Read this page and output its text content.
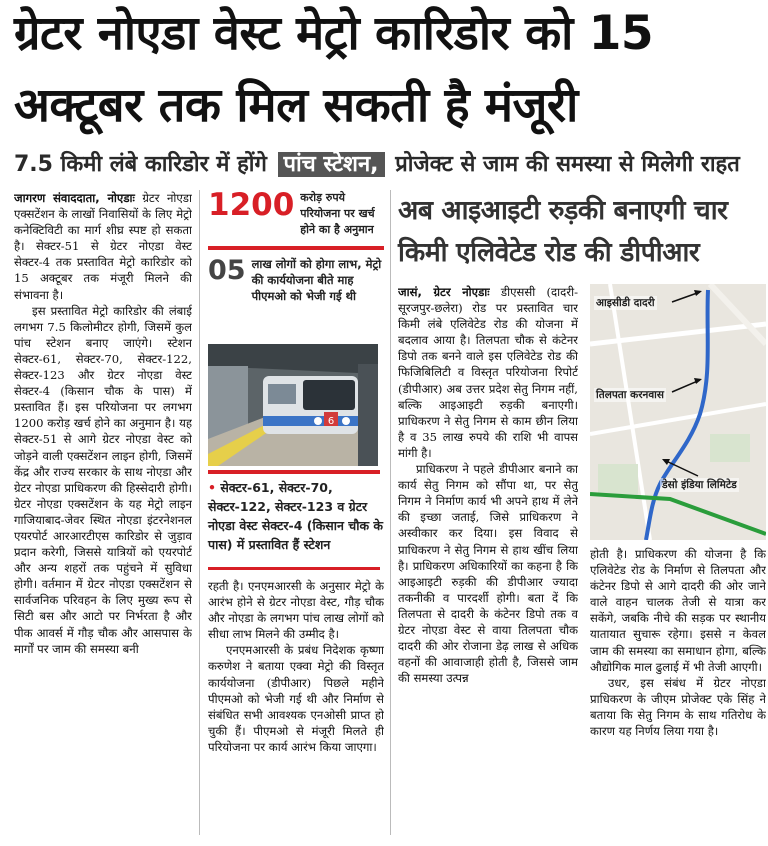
ग्रेटर नोएडा वेस्ट मेट्रो कारिडोर को 15
अक्टूबर तक मिल सकती है मंजूरी
7.5 किमी लंबे कारिडोर में होंगे पांच स्टेशन, प्रोजेक्ट से जाम की समस्या से मिलेगी राहत

जागरण संवाददाता, नोएडाः ग्रेटर नोएडा एक्सटेंशन के लाखों निवासियों के लिए मेट्रो कनेक्टिविटी का मार्ग शीघ्र स्पष्ट हो सकता है। सेक्टर-51 से ग्रेटर नोएडा वेस्ट सेक्टर-4 तक प्रस्तावित मेट्रो कारिडोर को 15 अक्टूबर तक मंजूरी मिलने की संभावना है।

इस प्रस्तावित मेट्रो कारिडोर की लंबाई लगभग 7.5 किलोमीटर होगी, जिसमें कुल पांच स्टेशन बनाए जाएंगे। स्टेशन सेक्टर-61, सेक्टर-70, सेक्टर-122, सेक्टर-123 और ग्रेटर नोएडा वेस्ट सेक्टर-4 (किसान चौक के पास) में प्रस्तावित हैं। इस परियोजना पर लगभग 1200 करोड़ खर्च होने का अनुमान है। यह सेक्टर-51 से आगे ग्रेटर नोएडा वेस्ट को जोड़ने वाली एक्सटेंशन लाइन होगी, जिसमें केंद्र और राज्य सरकार के साथ नोएडा और ग्रेटर नोएडा प्राधिकरण की हिस्सेदारी होगी। ग्रेटर नोएडा एक्सटेंशन के यह मेट्रो लाइन गाजियाबाद-जेवर स्थित नोएडा इंटरनेशनल एयरपोर्ट आरआरटीएस कारिडोर से जुड़ाव प्रदान करेगी, जिससे यात्रियों को एयरपोर्ट और अन्य शहरों तक पहुंचने में सुविधा होगी। वर्तमान में ग्रेटर नोएडा एक्सटेंशन से सार्वजनिक परिवहन के लिए मुख्य रूप से सिटी बस और आटो पर निर्भरता है और पीक आवर्स में गौड़ चौक और आसपास के मार्गों पर जाम की समस्या बनी

1200 करोड़ रुपये परियोजना पर खर्च होने का है अनुमान
05 लाख लोगों को होगा लाभ, मेट्रो की कार्ययोजना बीते माह पीएमओ को भेजी गई थी
6
• सेक्टर-61, सेक्टर-70, सेक्टर-122, सेक्टर-123 व ग्रेटर नोएडा वेस्ट सेक्टर-4 (किसान चौक के पास) में प्रस्तावित हैं स्टेशन

रहती है। एनएमआरसी के अनुसार मेट्रो के आरंभ होने से ग्रेटर नोएडा वेस्ट, गौड़ चौक और नोएडा के लगभग पांच लाख लोगों को सीधा लाभ मिलने की उम्मीद है।

एनएमआरसी के प्रबंध निदेशक कृष्णा करुणेश ने बताया एक्वा मेट्रो की विस्तृत कार्ययोजना (डीपीआर) पिछले महीने पीएमओ को भेजी गई थी और निर्माण से संबंधित सभी आवश्यक एनओसी प्राप्त हो चुकी हैं। पीएमओ से मंजूरी मिलते ही परियोजना पर कार्य आरंभ किया जाएगा।

अब आइआइटी रुड़की बनाएगी चार
किमी एलिवेटेड रोड की डीपीआर

जासं, ग्रेटर नोएडाः डीएससी (दादरी-सूरजपुर-छलेरा) रोड पर प्रस्तावित चार किमी लंबे एलिवेटेड रोड की योजना में बदलाव आया है। तिलपता चौक से कंटेनर डिपो तक बनने वाले इस एलिवेटेड रोड की फिजिबिलिटी व विस्तृत परियोजना रिपोर्ट (डीपीआर) अब उत्तर प्रदेश सेतु निगम नहीं, बल्कि आइआइटी रुड़की बनाएगी। प्राधिकरण ने सेतु निगम से काम छीन लिया है व 35 लाख रुपये की राशि भी वापस मांगी है।

प्राधिकरण ने पहले डीपीआर बनाने का कार्य सेतु निगम को सौंपा था, पर सेतु निगम ने निर्माण कार्य भी अपने हाथ में लेने की इच्छा जताई, जिसे प्राधिकरण ने अस्वीकार कर दिया। इस विवाद से प्राधिकरण ने सेतु निगम से हाथ खींच लिया है। प्राधिकरण अधिकारियों का कहना है कि आइआइटी रुड़की की डीपीआर ज्यादा तकनीकी व पारदर्शी होगी। बता दें कि तिलपता से दादरी के कंटेनर डिपो तक व ग्रेटर नोएडा वेस्ट से वाया तिलपता चौक दादरी की ओर रोजाना डेढ़ लाख से अधिक वहनों की आवाजाही होती है, जिससे जाम की समस्या उत्पन्न

आइसीडी दादरी
तिलपता करनवास
डेसो इंडिया लिमिटेड

होती है। प्राधिकरण की योजना है कि एलिवेटेड रोड के निर्माण से तिलपता और कंटेनर डिपो से आगे दादरी की ओर जाने वाले वाहन चालक तेजी से यात्रा कर सकेंगे, जबकि नीचे की सड़क पर स्थानीय यातायात सुचारू रहेगा। इससे न केवल जाम की समस्या का समाधान होगा, बल्कि औद्योगिक माल ढुलाई में भी तेजी आएगी।

उधर, इस संबंध में ग्रेटर नोएडा प्राधिकरण के जीएम प्रोजेक्ट एके सिंह ने बताया कि सेतु निगम के साथ गतिरोध के कारण यह निर्णय लिया गया है।
